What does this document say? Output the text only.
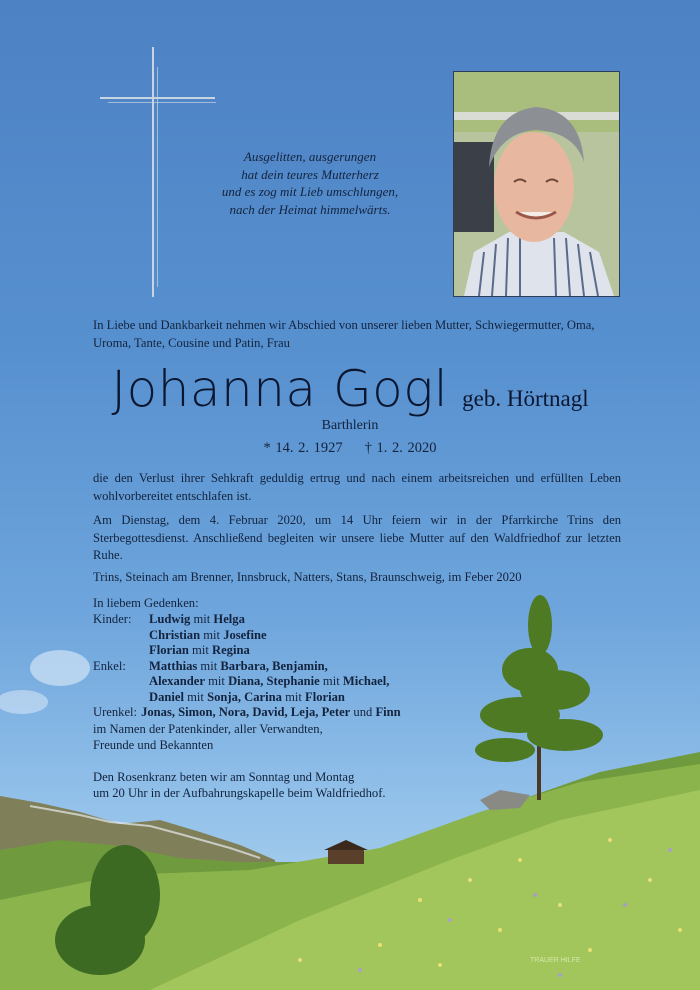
Ausgelitten, ausgerungen
hat dein teures Mutterherz
und es zog mit Lieb umschlungen,
nach der Heimat himmelwärts.
In Liebe und Dankbarkeit nehmen wir Abschied von unserer lieben Mutter, Schwiegermutter, Oma, Uroma, Tante, Cousine und Patin, Frau
Johanna Gogl geb. Hörtnagl
Barthlerin
* 14. 2. 1927 † 1. 2. 2020
die den Verlust ihrer Sehkraft geduldig ertrug und nach einem arbeitsreichen und erfüllten Leben wohlvorbereitet entschlafen ist.
Am Dienstag, dem 4. Februar 2020, um 14 Uhr feiern wir in der Pfarrkirche Trins den Sterbegottesdienst. Anschließend begleiten wir unsere liebe Mutter auf den Waldfriedhof zur letzten Ruhe.
Trins, Steinach am Brenner, Innsbruck, Natters, Stans, Braunschweig, im Feber 2020
In liebem Gedenken:
Kinder:	Ludwig mit Helga
Christian mit Josefine
Florian mit Regina
Enkel:	Matthias mit Barbara, Benjamin,
Alexander mit Diana, Stephanie mit Michael,
Daniel mit Sonja, Carina mit Florian
Urenkel: Jonas, Simon, Nora, David, Leja, Peter und Finn
im Namen der Patenkinder, aller Verwandten,
Freunde und Bekannten
Den Rosenkranz beten wir am Sonntag und Montag
um 20 Uhr in der Aufbahrungskapelle beim Waldfriedhof.
TRAUER HILFE
